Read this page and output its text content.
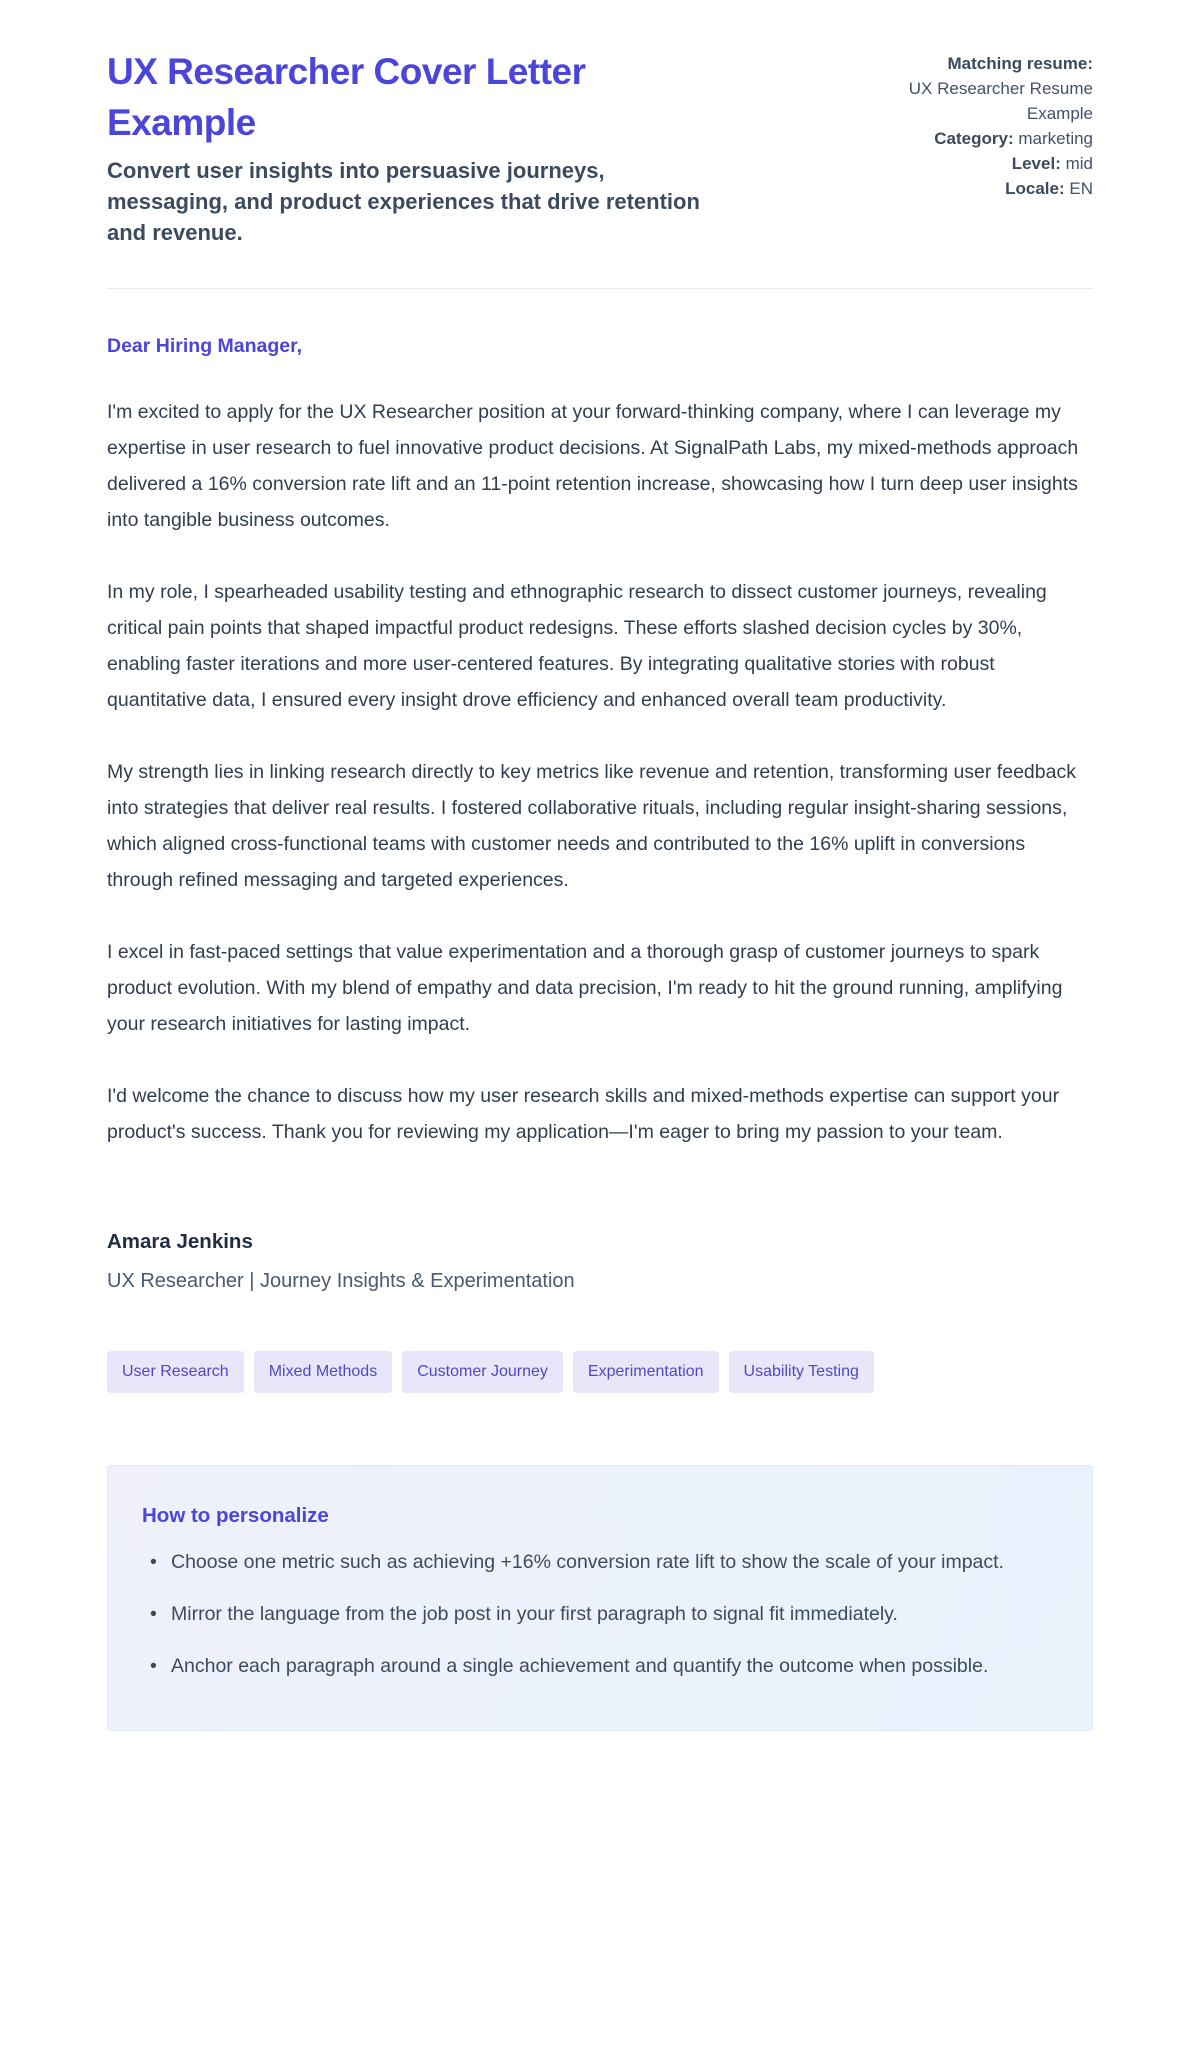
UX Researcher Cover Letter Example
Convert user insights into persuasive journeys, messaging, and product experiences that drive retention and revenue.
Matching resume:
UX Researcher Resume Example
Category: marketing
Level: mid
Locale: EN
Dear Hiring Manager,

I'm excited to apply for the UX Researcher position at your forward-thinking company, where I can leverage my expertise in user research to fuel innovative product decisions. At SignalPath Labs, my mixed-methods approach delivered a 16% conversion rate lift and an 11-point retention increase, showcasing how I turn deep user insights into tangible business outcomes.

In my role, I spearheaded usability testing and ethnographic research to dissect customer journeys, revealing critical pain points that shaped impactful product redesigns. These efforts slashed decision cycles by 30%, enabling faster iterations and more user-centered features. By integrating qualitative stories with robust quantitative data, I ensured every insight drove efficiency and enhanced overall team productivity.

My strength lies in linking research directly to key metrics like revenue and retention, transforming user feedback into strategies that deliver real results. I fostered collaborative rituals, including regular insight-sharing sessions, which aligned cross-functional teams with customer needs and contributed to the 16% uplift in conversions through refined messaging and targeted experiences.

I excel in fast-paced settings that value experimentation and a thorough grasp of customer journeys to spark product evolution. With my blend of empathy and data precision, I'm ready to hit the ground running, amplifying your research initiatives for lasting impact.

I'd welcome the chance to discuss how my user research skills and mixed-methods expertise can support your product's success. Thank you for reviewing my application—I'm eager to bring my passion to your team.

Amara Jenkins
UX Researcher | Journey Insights & Experimentation
User Research	Mixed Methods	Customer Journey	Experimentation	Usability Testing
How to personalize
• Choose one metric such as achieving +16% conversion rate lift to show the scale of your impact.
• Mirror the language from the job post in your first paragraph to signal fit immediately.
• Anchor each paragraph around a single achievement and quantify the outcome when possible.
